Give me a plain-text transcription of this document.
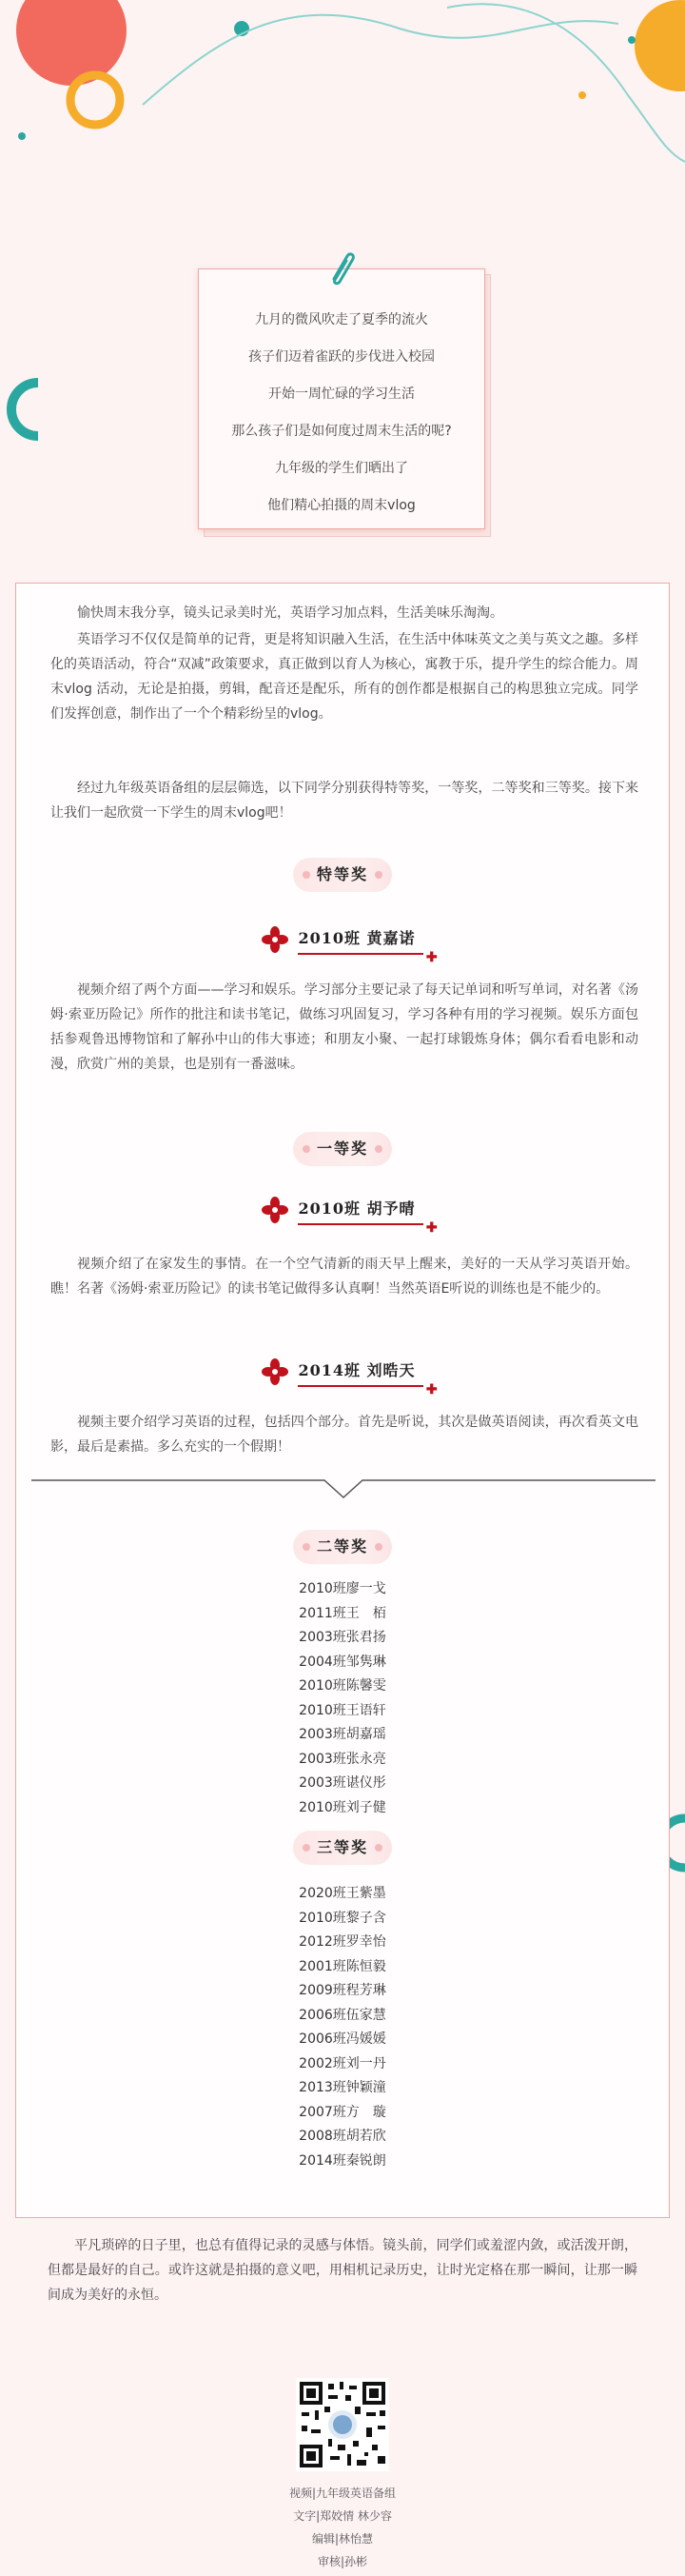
九月的微风吹走了夏季的流火
孩子们迈着雀跃的步伐进入校园
开始一周忙碌的学习生活
那么孩子们是如何度过周末生活的呢?
九年级的学生们晒出了
他们精心拍摄的周末vlog

愉快周末我分享，镜头记录美时光，英语学习加点料，生活美味乐淘淘。

英语学习不仅仅是简单的记背，更是将知识融入生活，在生活中体味英文之美与英文之趣。多样化的英语活动，符合“双减”政策要求，真正做到以育人为核心，寓教于乐，提升学生的综合能力。周末vlog 活动，无论是拍摄，剪辑，配音还是配乐，所有的创作都是根据自己的构思独立完成。同学们发挥创意，制作出了一个个精彩纷呈的vlog。

经过九年级英语备组的层层筛选，以下同学分别获得特等奖，一等奖，二等奖和三等奖。接下来让我们一起欣赏一下学生的周末vlog吧！

特等奖
2010班 黄嘉诺
✚

视频介绍了两个方面——学习和娱乐。学习部分主要记录了每天记单词和听写单词，对名著《汤姆·索亚历险记》所作的批注和读书笔记，做练习巩固复习，学习各种有用的学习视频。娱乐方面包括参观鲁迅博物馆和了解孙中山的伟大事迹；和朋友小聚、一起打球锻炼身体；偶尔看看电影和动漫，欣赏广州的美景，也是别有一番滋味。

一等奖
2010班 胡予晴
✚

视频介绍了在家发生的事情。在一个空气清新的雨天早上醒来，美好的一天从学习英语开始。瞧！名著《汤姆·索亚历险记》的读书笔记做得多认真啊！当然英语E听说的训练也是不能少的。

2014班 刘晧天
✚

视频主要介绍学习英语的过程，包括四个部分。首先是听说，其次是做英语阅读，再次看英文电影，最后是素描。多么充实的一个假期！

二等奖
2010班廖一戈
2011班王　栢
2003班张君扬
2004班邹隽琳
2010班陈馨雯
2010班王语轩
2003班胡嘉瑶
2003班张永亮
2003班谌仪彤
2010班刘子健
三等奖
2020班王紫墨
2010班黎子含
2012班罗幸怡
2001班陈恒毅
2009班程芳琳
2006班伍家慧
2006班冯媛媛
2002班刘一丹
2013班钟颖潼
2007班方　璇
2008班胡若欣
2014班秦锐朗

平凡琐碎的日子里，也总有值得记录的灵感与体悟。镜头前，同学们或羞涩内敛，或活泼开朗，但都是最好的自己。或许这就是拍摄的意义吧，用相机记录历史，让时光定格在那一瞬间，让那一瞬间成为美好的永恒。

视频|九年级英语备组
文字|郑姣情 林少容
编辑|林怡慧
审核|孙彬
